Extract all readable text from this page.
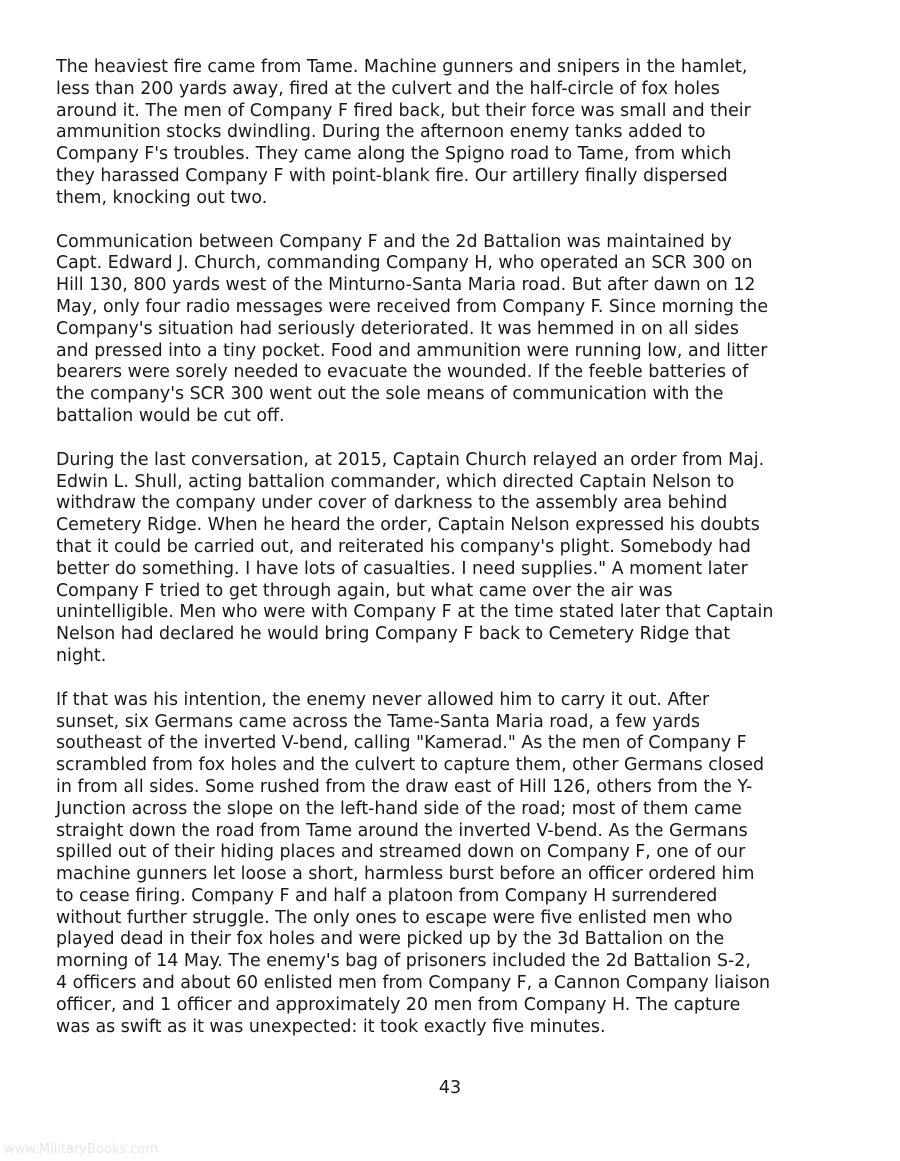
The heaviest fire came from Tame. Machine gunners and snipers in the hamlet,
less than 200 yards away, fired at the culvert and the half-circle of fox holes
around it. The men of Company F fired back, but their force was small and their
ammunition stocks dwindling. During the afternoon enemy tanks added to
Company F's troubles. They came along the Spigno road to Tame, from which
they harassed Company F with point-blank fire. Our artillery finally dispersed
them, knocking out two.
Communication between Company F and the 2d Battalion was maintained by
Capt. Edward J. Church, commanding Company H, who operated an SCR 300 on
Hill 130, 800 yards west of the Minturno-Santa Maria road. But after dawn on 12
May, only four radio messages were received from Company F. Since morning the
Company's situation had seriously deteriorated. It was hemmed in on all sides
and pressed into a tiny pocket. Food and ammunition were running low, and litter
bearers were sorely needed to evacuate the wounded. If the feeble batteries of
the company's SCR 300 went out the sole means of communication with the
battalion would be cut off.
During the last conversation, at 2015, Captain Church relayed an order from Maj.
Edwin L. Shull, acting battalion commander, which directed Captain Nelson to
withdraw the company under cover of darkness to the assembly area behind
Cemetery Ridge. When he heard the order, Captain Nelson expressed his doubts
that it could be carried out, and reiterated his company's plight. Somebody had
better do something. I have lots of casualties. I need supplies." A moment later
Company F tried to get through again, but what came over the air was
unintelligible. Men who were with Company F at the time stated later that Captain
Nelson had declared he would bring Company F back to Cemetery Ridge that
night.
If that was his intention, the enemy never allowed him to carry it out. After
sunset, six Germans came across the Tame-Santa Maria road, a few yards
southeast of the inverted V-bend, calling "Kamerad." As the men of Company F
scrambled from fox holes and the culvert to capture them, other Germans closed
in from all sides. Some rushed from the draw east of Hill 126, others from the Y-
Junction across the slope on the left-hand side of the road; most of them came
straight down the road from Tame around the inverted V-bend. As the Germans
spilled out of their hiding places and streamed down on Company F, one of our
machine gunners let loose a short, harmless burst before an officer ordered him
to cease firing. Company F and half a platoon from Company H surrendered
without further struggle. The only ones to escape were five enlisted men who
played dead in their fox holes and were picked up by the 3d Battalion on the
morning of 14 May. The enemy's bag of prisoners included the 2d Battalion S-2,
4 officers and about 60 enlisted men from Company F, a Cannon Company liaison
officer, and 1 officer and approximately 20 men from Company H. The capture
was as swift as it was unexpected: it took exactly five minutes.
43
www.MilitaryBooks.com
